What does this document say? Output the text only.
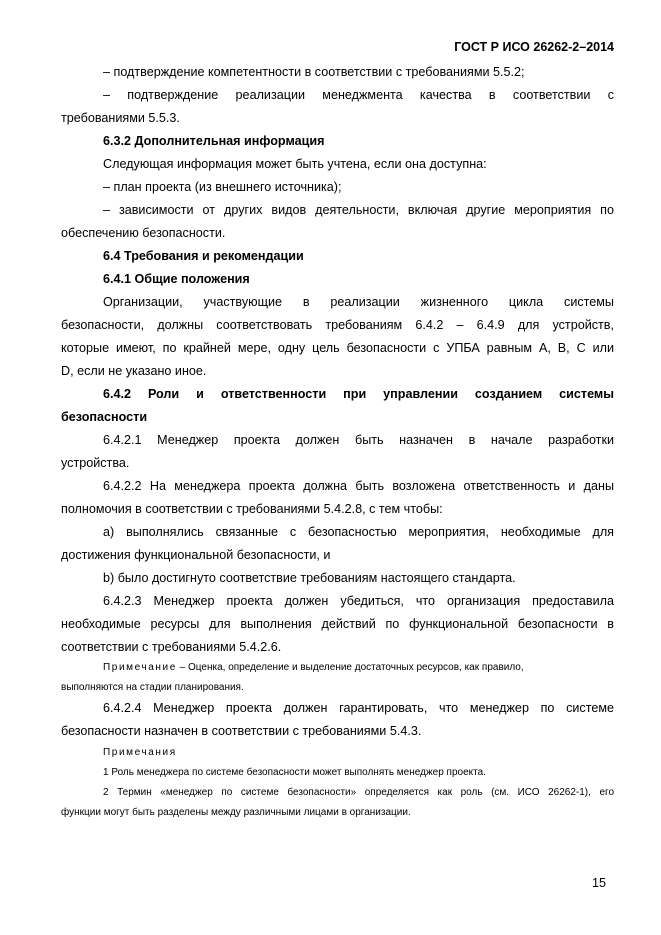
ГОСТ Р ИСО 26262-2–2014
– подтверждение компетентности в соответствии с требованиями 5.5.2;
– подтверждение реализации менеджмента качества в соответствии с
требованиями 5.5.3.
6.3.2 Дополнительная информация
Следующая информация может быть учтена, если она доступна:
– план проекта (из внешнего источника);
– зависимости от других видов деятельности, включая другие мероприятия по
обеспечению безопасности.
6.4 Требования и рекомендации
6.4.1 Общие положения
Организации, участвующие в реализации жизненного цикла системы
безопасности, должны соответствовать требованиям 6.4.2 – 6.4.9 для устройств,
которые имеют, по крайней мере, одну цель безопасности с УПБА равным A, B, C или
D, если не указано иное.
6.4.2 Роли и ответственности при управлении созданием системы
безопасности
6.4.2.1 Менеджер проекта должен быть назначен в начале разработки
устройства.
6.4.2.2 На менеджера проекта должна быть возложена ответственность и даны
полномочия в соответствии с требованиями 5.4.2.8, с тем чтобы:
a) выполнялись связанные с безопасностью мероприятия, необходимые для
достижения функциональной безопасности, и
b) было достигнуто соответствие требованиям настоящего стандарта.
6.4.2.3 Менеджер проекта должен убедиться, что организация предоставила
необходимые ресурсы для выполнения действий по функциональной безопасности в
соответствии с требованиями 5.4.2.6.
Примечание – Оценка, определение и выделение достаточных ресурсов, как правило,
выполняются на стадии планирования.
6.4.2.4 Менеджер проекта должен гарантировать, что менеджер по системе
безопасности назначен в соответствии с требованиями 5.4.3.
Примечания
1 Роль менеджера по системе безопасности может выполнять менеджер проекта.
2 Термин «менеджер по системе безопасности» определяется как роль (см. ИСО 26262-1), его
функции могут быть разделены между различными лицами в организации.
15
